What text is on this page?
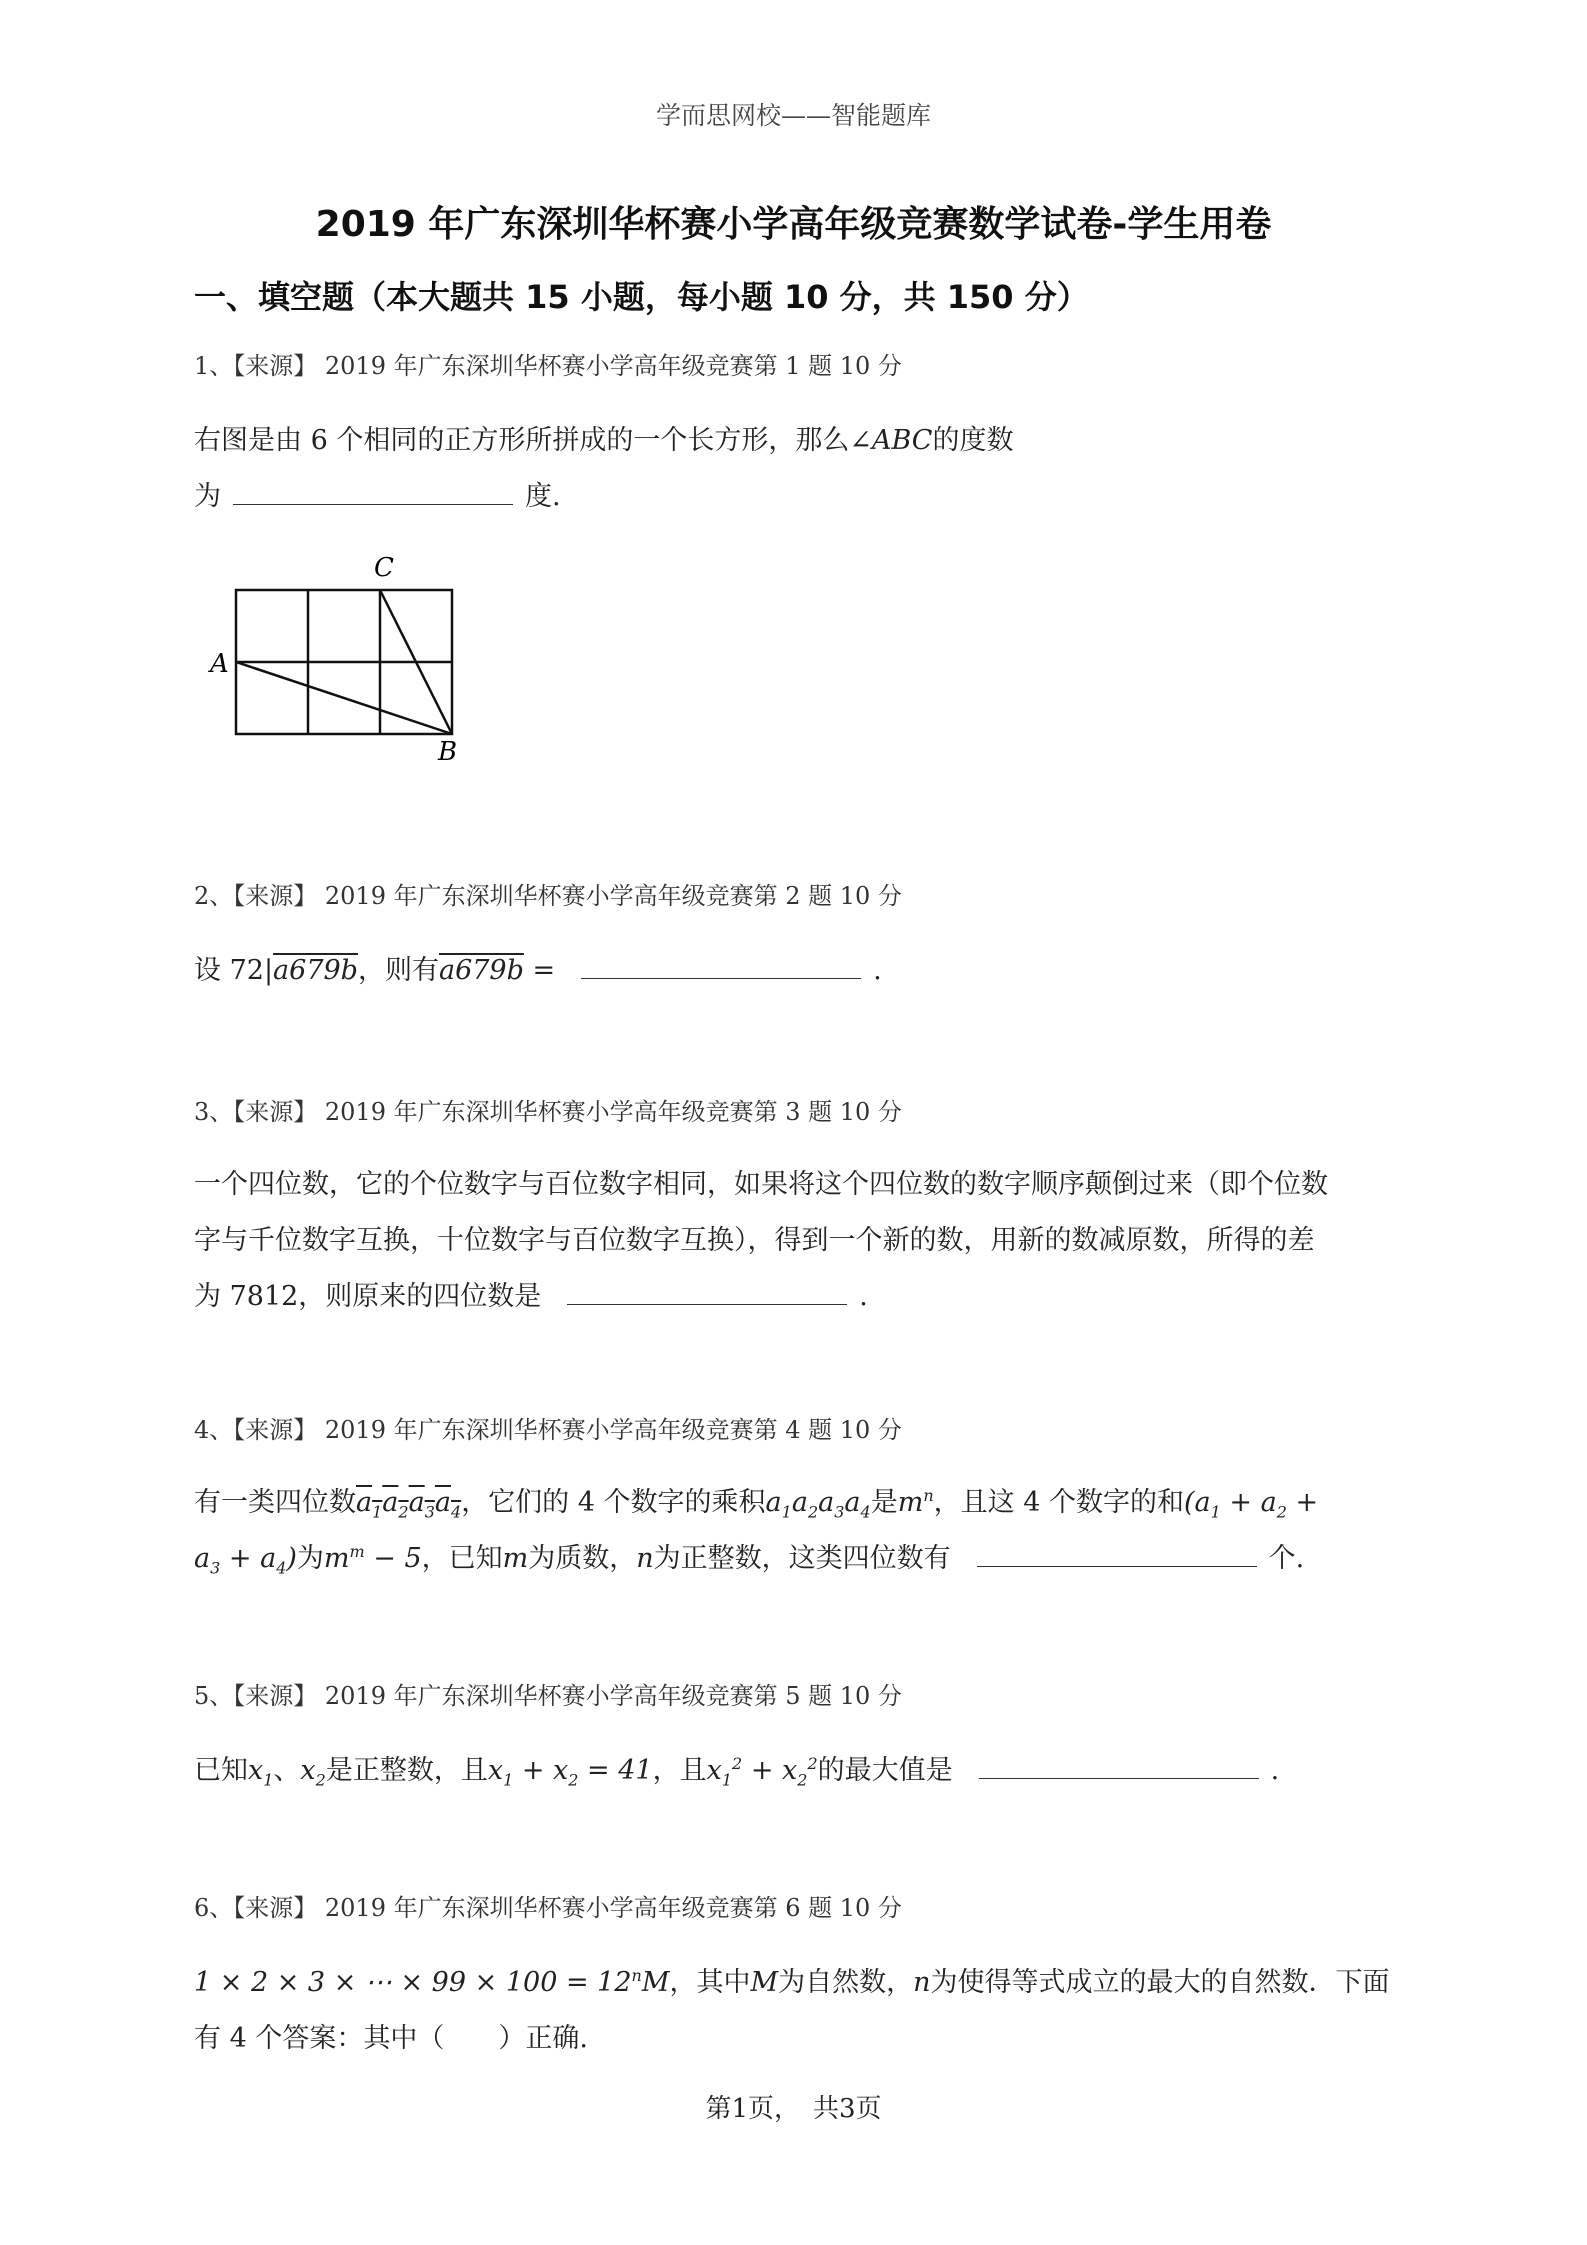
学而思网校——智能题库
2019 年广东深圳华杯赛小学高年级竞赛数学试卷-学生用卷
一、填空题（本大题共 15 小题，每小题 10 分，共 150 分）
1、【来源】 2019 年广东深圳华杯赛小学高年级竞赛第 1 题 10 分
右图是由 6 个相同的正方形所拼成的一个长方形，那么∠ABC的度数
为	度.
A
C
B
2、【来源】 2019 年广东深圳华杯赛小学高年级竞赛第 2 题 10 分
设 72|a679b，则有a679b =	.
3、【来源】 2019 年广东深圳华杯赛小学高年级竞赛第 3 题 10 分
一个四位数，它的个位数字与百位数字相同，如果将这个四位数的数字顺序颠倒过来（即个位数
字与千位数字互换，十位数字与百位数字互换），得到一个新的数，用新的数减原数，所得的差
为 7812，则原来的四位数是	.
4、【来源】 2019 年广东深圳华杯赛小学高年级竞赛第 4 题 10 分
有一类四位数$a_1a_2a_3a_4$，它们的 4 个数字的乘积$a_1a_2a_3a_4$是$m^n$，且这 4 个数字的和($a_1 + a_2$ +
$a_3 + a_4$)为$m^m - 5$，已知m为质数，n为正整数，这类四位数有	个.
5、【来源】 2019 年广东深圳华杯赛小学高年级竞赛第 5 题 10 分
已知$x_1$、$x_2$是正整数，且$x_1 + x_2 = 41$，且$x_1^2 + x_2^2$的最大值是	.
6、【来源】 2019 年广东深圳华杯赛小学高年级竞赛第 6 题 10 分
1 × 2 × 3 × ⋯ × $99 \times 100 = 12^nM$，其中M为自然数，n为使得等式成立的最大的自然数．下面
有 4 个答案：其中（　　）正确.
第1页，　共3页
